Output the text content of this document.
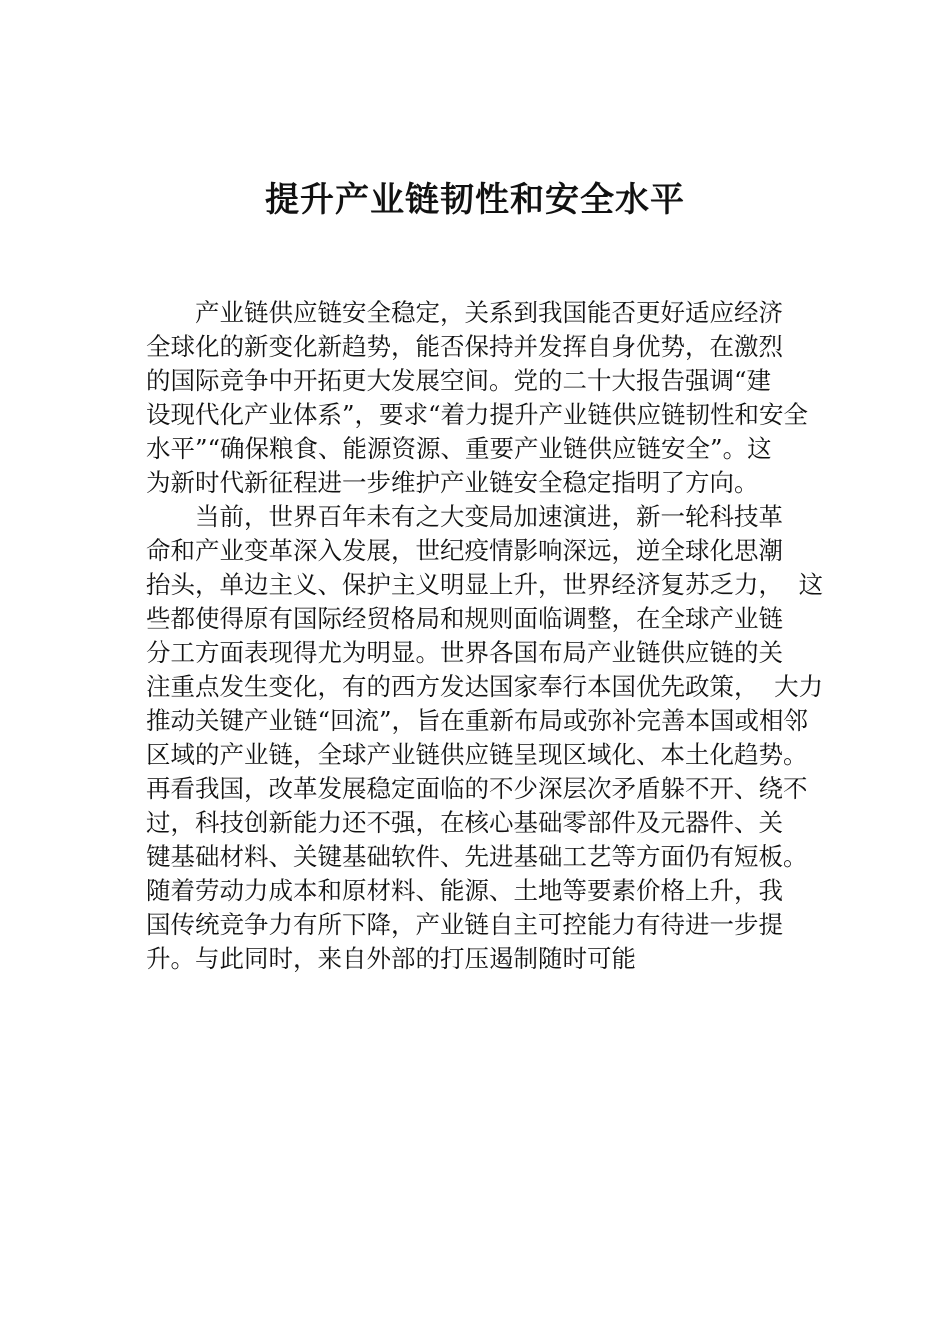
提升产业链韧性和安全水平
产业链供应链安全稳定，关系到我国能否更好适应经济
全球化的新变化新趋势，能否保持并发挥自身优势，在激烈
的国际竞争中开拓更大发展空间。党的二十大报告强调“建
设现代化产业体系”，要求“着力提升产业链供应链韧性和安全
水平”“确保粮食、能源资源、重要产业链供应链安全”。这
为新时代新征程进一步维护产业链安全稳定指明了方向。
当前，世界百年未有之大变局加速演进，新一轮科技革
命和产业变革深入发展，世纪疫情影响深远，逆全球化思潮
抬头，单边主义、保护主义明显上升，世界经济复苏乏力，  这
些都使得原有国际经贸格局和规则面临调整，在全球产业链
分工方面表现得尤为明显。世界各国布局产业链供应链的关
注重点发生变化，有的西方发达国家奉行本国优先政策，  大力
推动关键产业链“回流”，旨在重新布局或弥补完善本国或相邻
区域的产业链，全球产业链供应链呈现区域化、本土化趋势。
再看我国，改革发展稳定面临的不少深层次矛盾躲不开、绕不
过，科技创新能力还不强，在核心基础零部件及元器件、关
键基础材料、关键基础软件、先进基础工艺等方面仍有短板。
随着劳动力成本和原材料、能源、土地等要素价格上升，我
国传统竞争力有所下降，产业链自主可控能力有待进一步提
升。与此同时，来自外部的打压遏制随时可能
